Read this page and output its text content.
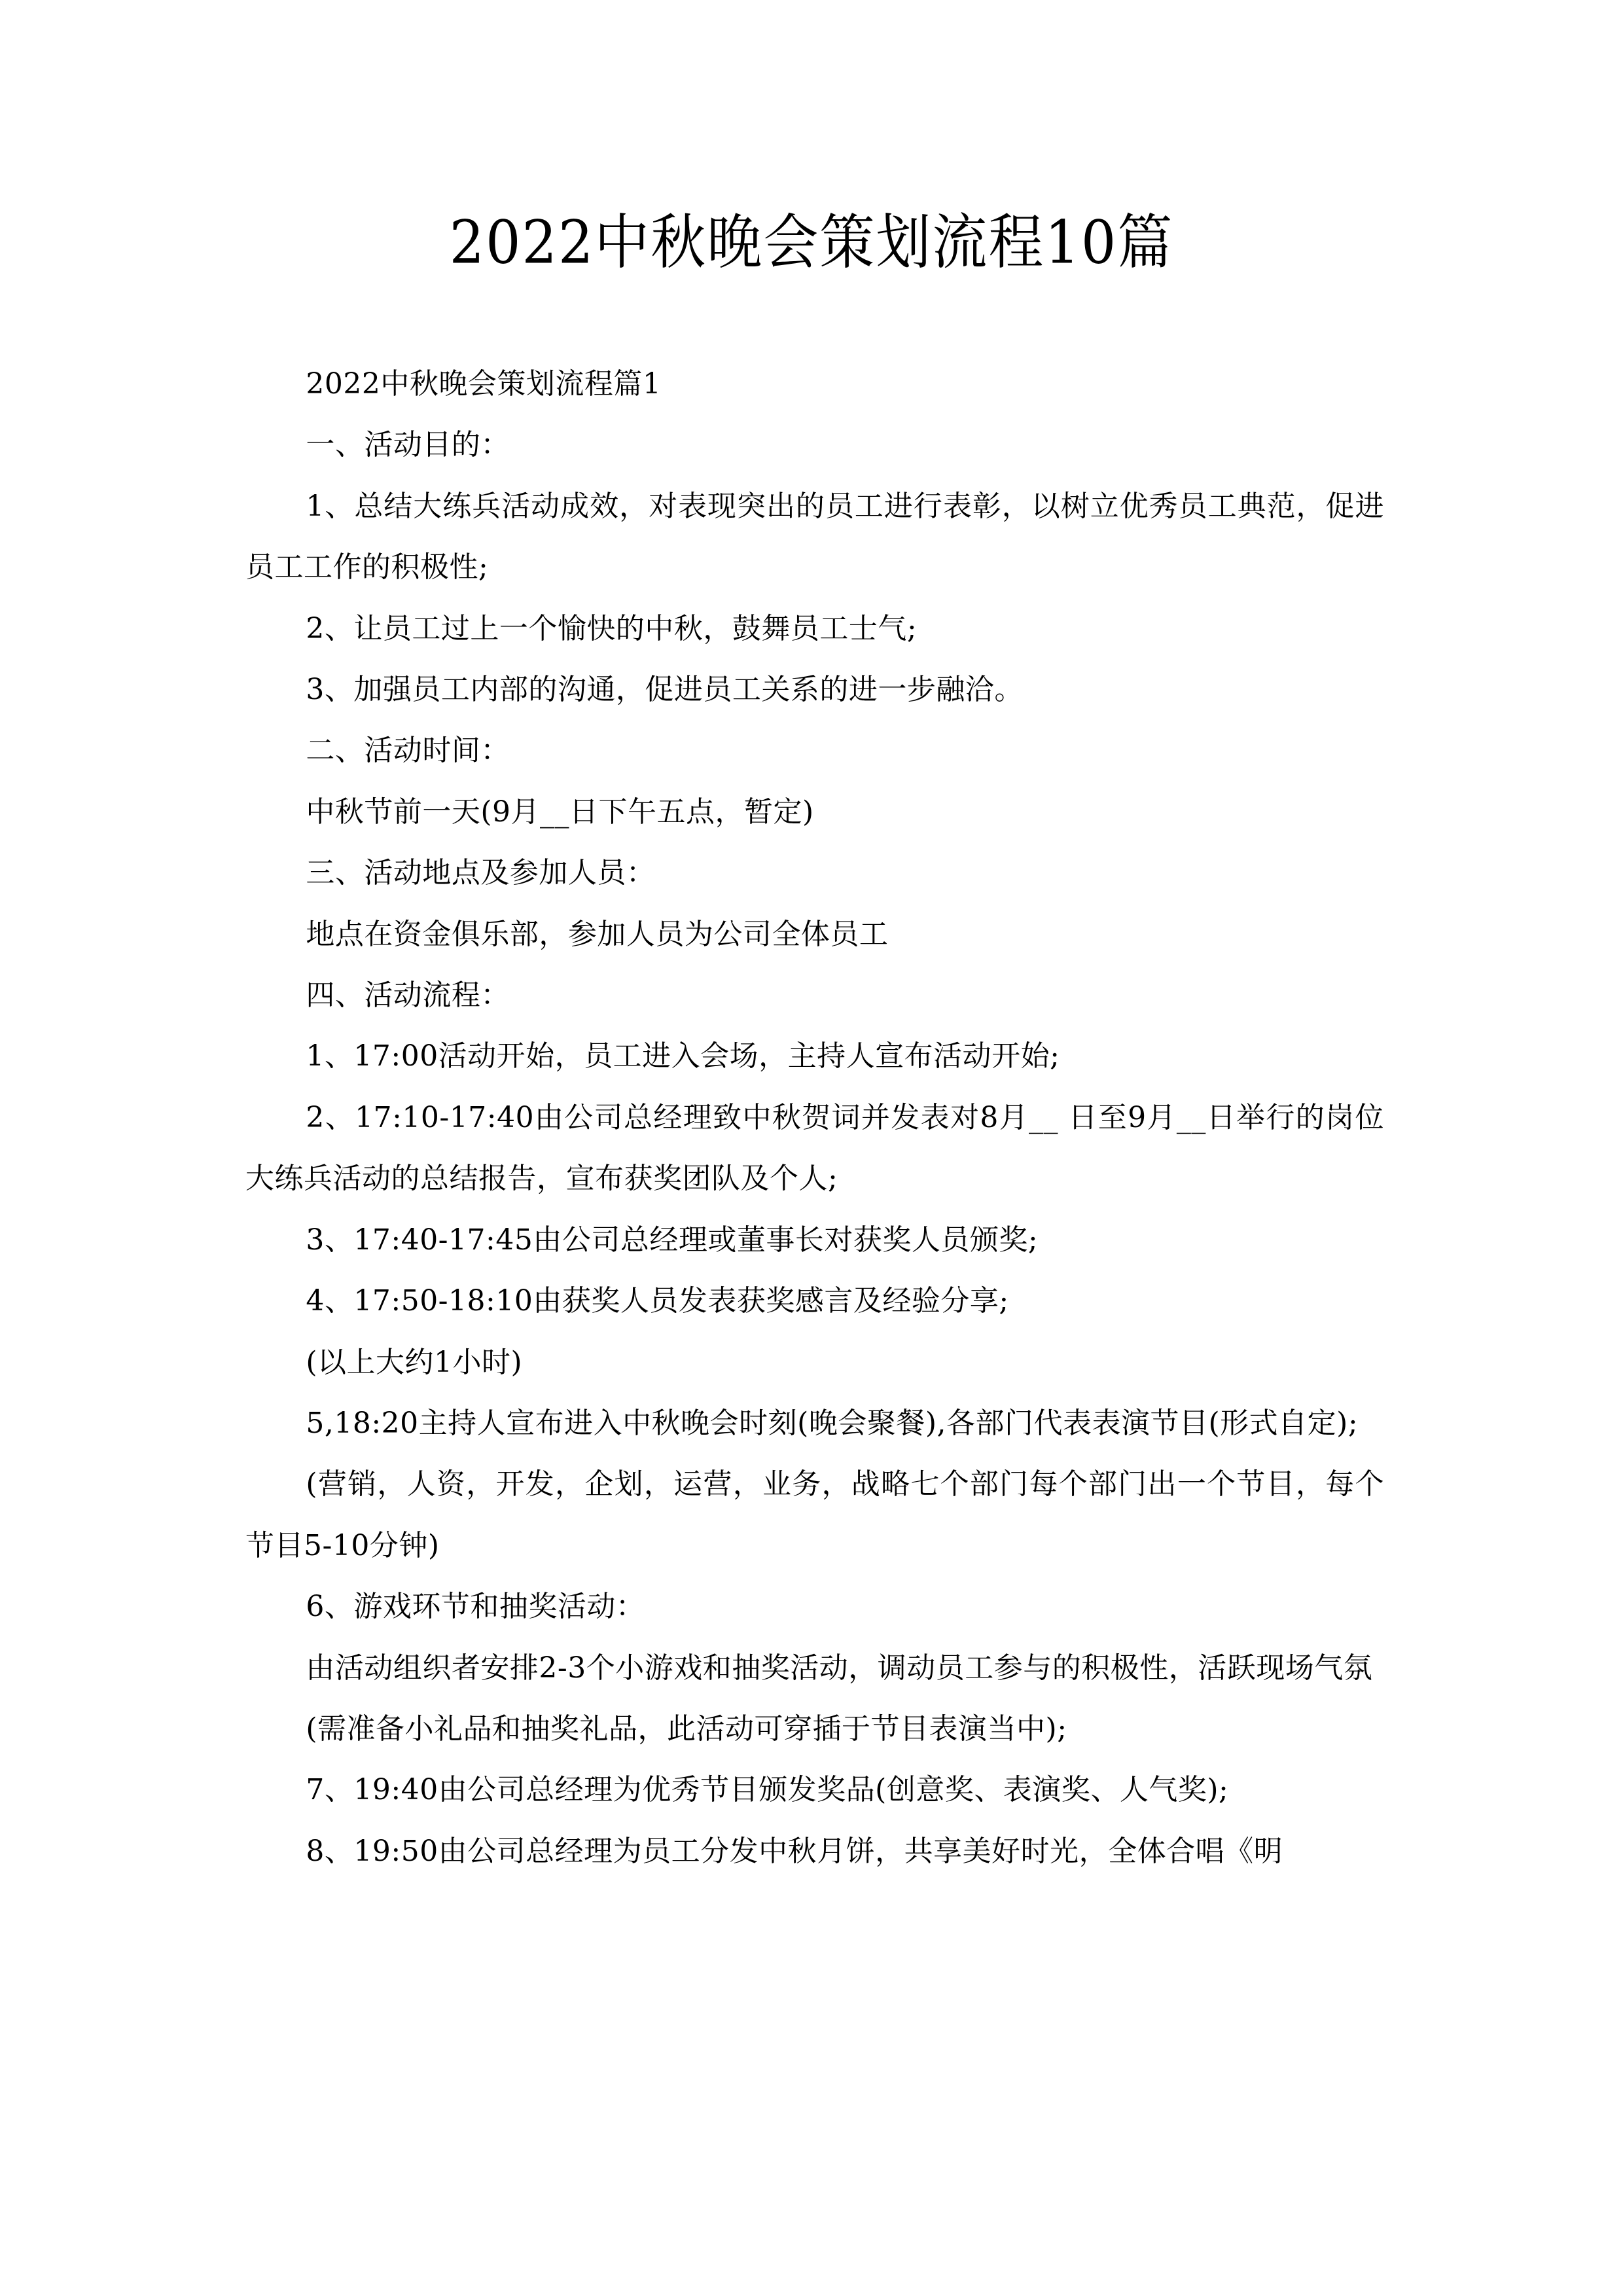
2022中秋晚会策划流程10篇

2022中秋晚会策划流程篇1

一、活动目的：

1、总结大练兵活动成效，对表现突出的员工进行表彰，以树立优秀员工典范，促进员工工作的积极性;

2、让员工过上一个愉快的中秋，鼓舞员工士气;

3、加强员工内部的沟通，促进员工关系的进一步融洽。

二、活动时间：

中秋节前一天(9月__日下午五点，暂定)

三、活动地点及参加人员：

地点在资金俱乐部，参加人员为公司全体员工

四、活动流程：

1、17:00活动开始，员工进入会场，主持人宣布活动开始;

2、17:10-17:40由公司总经理致中秋贺词并发表对8月__ 日至9月__日举行的岗位大练兵活动的总结报告，宣布获奖团队及个人;

3、17:40-17:45由公司总经理或董事长对获奖人员颁奖;

4、17:50-18:10由获奖人员发表获奖感言及经验分享;

(以上大约1小时)

5,18:20主持人宣布进入中秋晚会时刻(晚会聚餐),各部门代表表演节目(形式自定);

(营销，人资，开发，企划，运营，业务，战略七个部门每个部门出一个节目，每个节目5-10分钟)

6、游戏环节和抽奖活动：

由活动组织者安排2-3个小游戏和抽奖活动，调动员工参与的积极性，活跃现场气氛

(需准备小礼品和抽奖礼品，此活动可穿插于节目表演当中);

7、19:40由公司总经理为优秀节目颁发奖品(创意奖、表演奖、人气奖);

8、19:50由公司总经理为员工分发中秋月饼，共享美好时光，全体合唱《明
